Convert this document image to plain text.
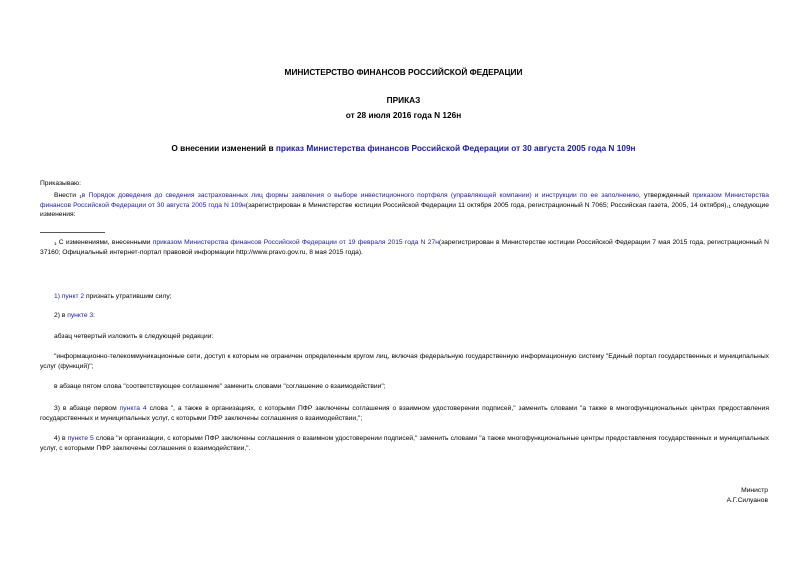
МИНИСТЕРСТВО ФИНАНСОВ РОССИЙСКОЙ ФЕДЕРАЦИИ
ПРИКАЗ
от 28 июля 2016 года N 126н
О внесении изменений в приказ Министерства финансов Российской Федерации от 30 августа 2005 года N 109н
Приказываю:
Внести $^1$в Порядок доведения до сведения застрахованных лиц формы заявления о выборе инвестиционного портфеля (управляющей компании) и инструкции по ее заполнению, утвержденный приказом Министерства финансов Российской Федерации от 30 августа 2005 года N 109н(зарегистрирован в Министерстве юстиции Российской Федерации 11 октября 2005 года, регистрационный N 7065; Российская газета, 2005, 14 октября),$^1$ следующие изменения:
$^1$ С изменениями, внесенными приказом Министерства финансов Российской Федерации от 19 февраля 2015 года N 27н(зарегистрирован в Министерстве юстиции Российской Федерации 7 мая 2015 года, регистрационный N 37160; Официальный интернет-портал правовой информации http://www.pravo.gov.ru, 8 мая 2015 года).
1) пункт 2 признать утратившим силу;
2) в пункте 3:
абзац четвертый изложить в следующей редакции:
"информационно-телекоммуникационные сети, доступ к которым не ограничен определенным кругом лиц, включая федеральную государственную информационную систему "Единый портал государственных и муниципальных услуг (функций)";
в абзаце пятом слова "соответствующее соглашение" заменить словами "соглашение о взаимодействии";
3) в абзаце первом пункта 4 слова ", а также в организациях, с которыми ПФР заключены соглашения о взаимном удостоверении подписей," заменить словами "а также в многофункциональных центрах предоставления государственных и муниципальных услуг, с которыми ПФР заключены соглашения о взаимодействии,";
4) в пункте 5 слова "и организации, с которыми ПФР заключены соглашения о взаимном удостоверении подписей," заменить словами "а также многофункциональные центры предоставления государственных и муниципальных услуг, с которыми ПФР заключены соглашения о взаимодействии,".
Министр
А.Г.Силуанов
